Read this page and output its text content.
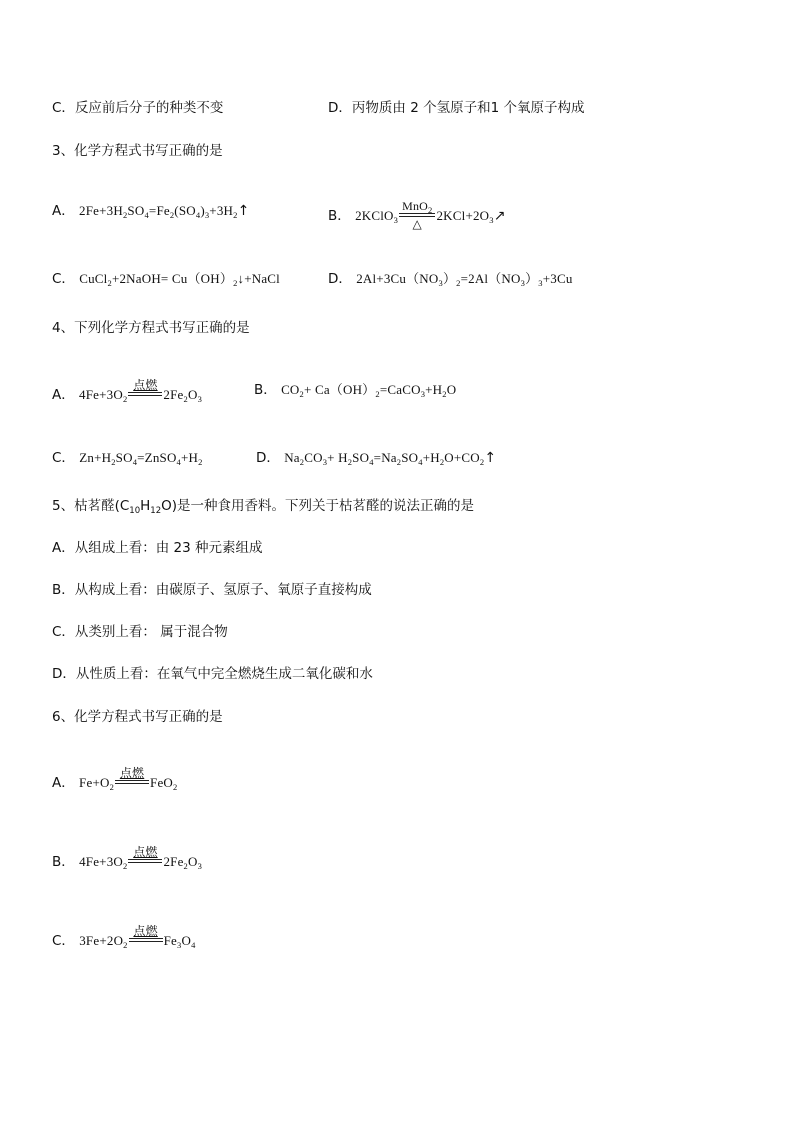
C．反应前后分子的种类不变	D．丙物质由 2 个氢原子和1 个氧原子构成
3、化学方程式书写正确的是
A． $2Fe+3H_2SO_4=Fe_2(SO_4)_3+3H_2↑$	B． 2KClO$_3$
MnO$_2$
△
$2KCl+2O_3↗$
C． CuCl$_2$+2NaOH= $Cu(OH)_2↓+NaCl$	D． $2Al+3Cu(NO_3)_2=2Al(NO_3)_3+3Cu$
4、下列化学方程式书写正确的是
A． $4Fe+3O_2$
点燃

$2Fe_2O_3$
B． $CO_2+$ $Ca(OH)_2=CaCO_3+H_2O$
C． $Zn+H_2SO_4=ZnSO_4+H_2$	D． $Na_2CO_3+$ $H_2SO_4=Na_2SO_4+H_2O+CO_2↑$
5、枯茗醛$(C_{10}H_{12}O)$是一种食用香料。下列关于枯茗醛的说法正确的是
A．从组成上看：由 23 种元素组成
B．从构成上看：由碳原子、氢原子、氧原子直接构成
C．从类别上看： 属于混合物
D．从性质上看：在氧气中完全燃烧生成二氧化碳和水
6、化学方程式书写正确的是
A． $Fe+O_2$
点燃

FeO$_2$
B． $4Fe+3O_2$
点燃

$2Fe_2O_3$
C． $3Fe+2O_2$
点燃

$Fe_3O_4$
